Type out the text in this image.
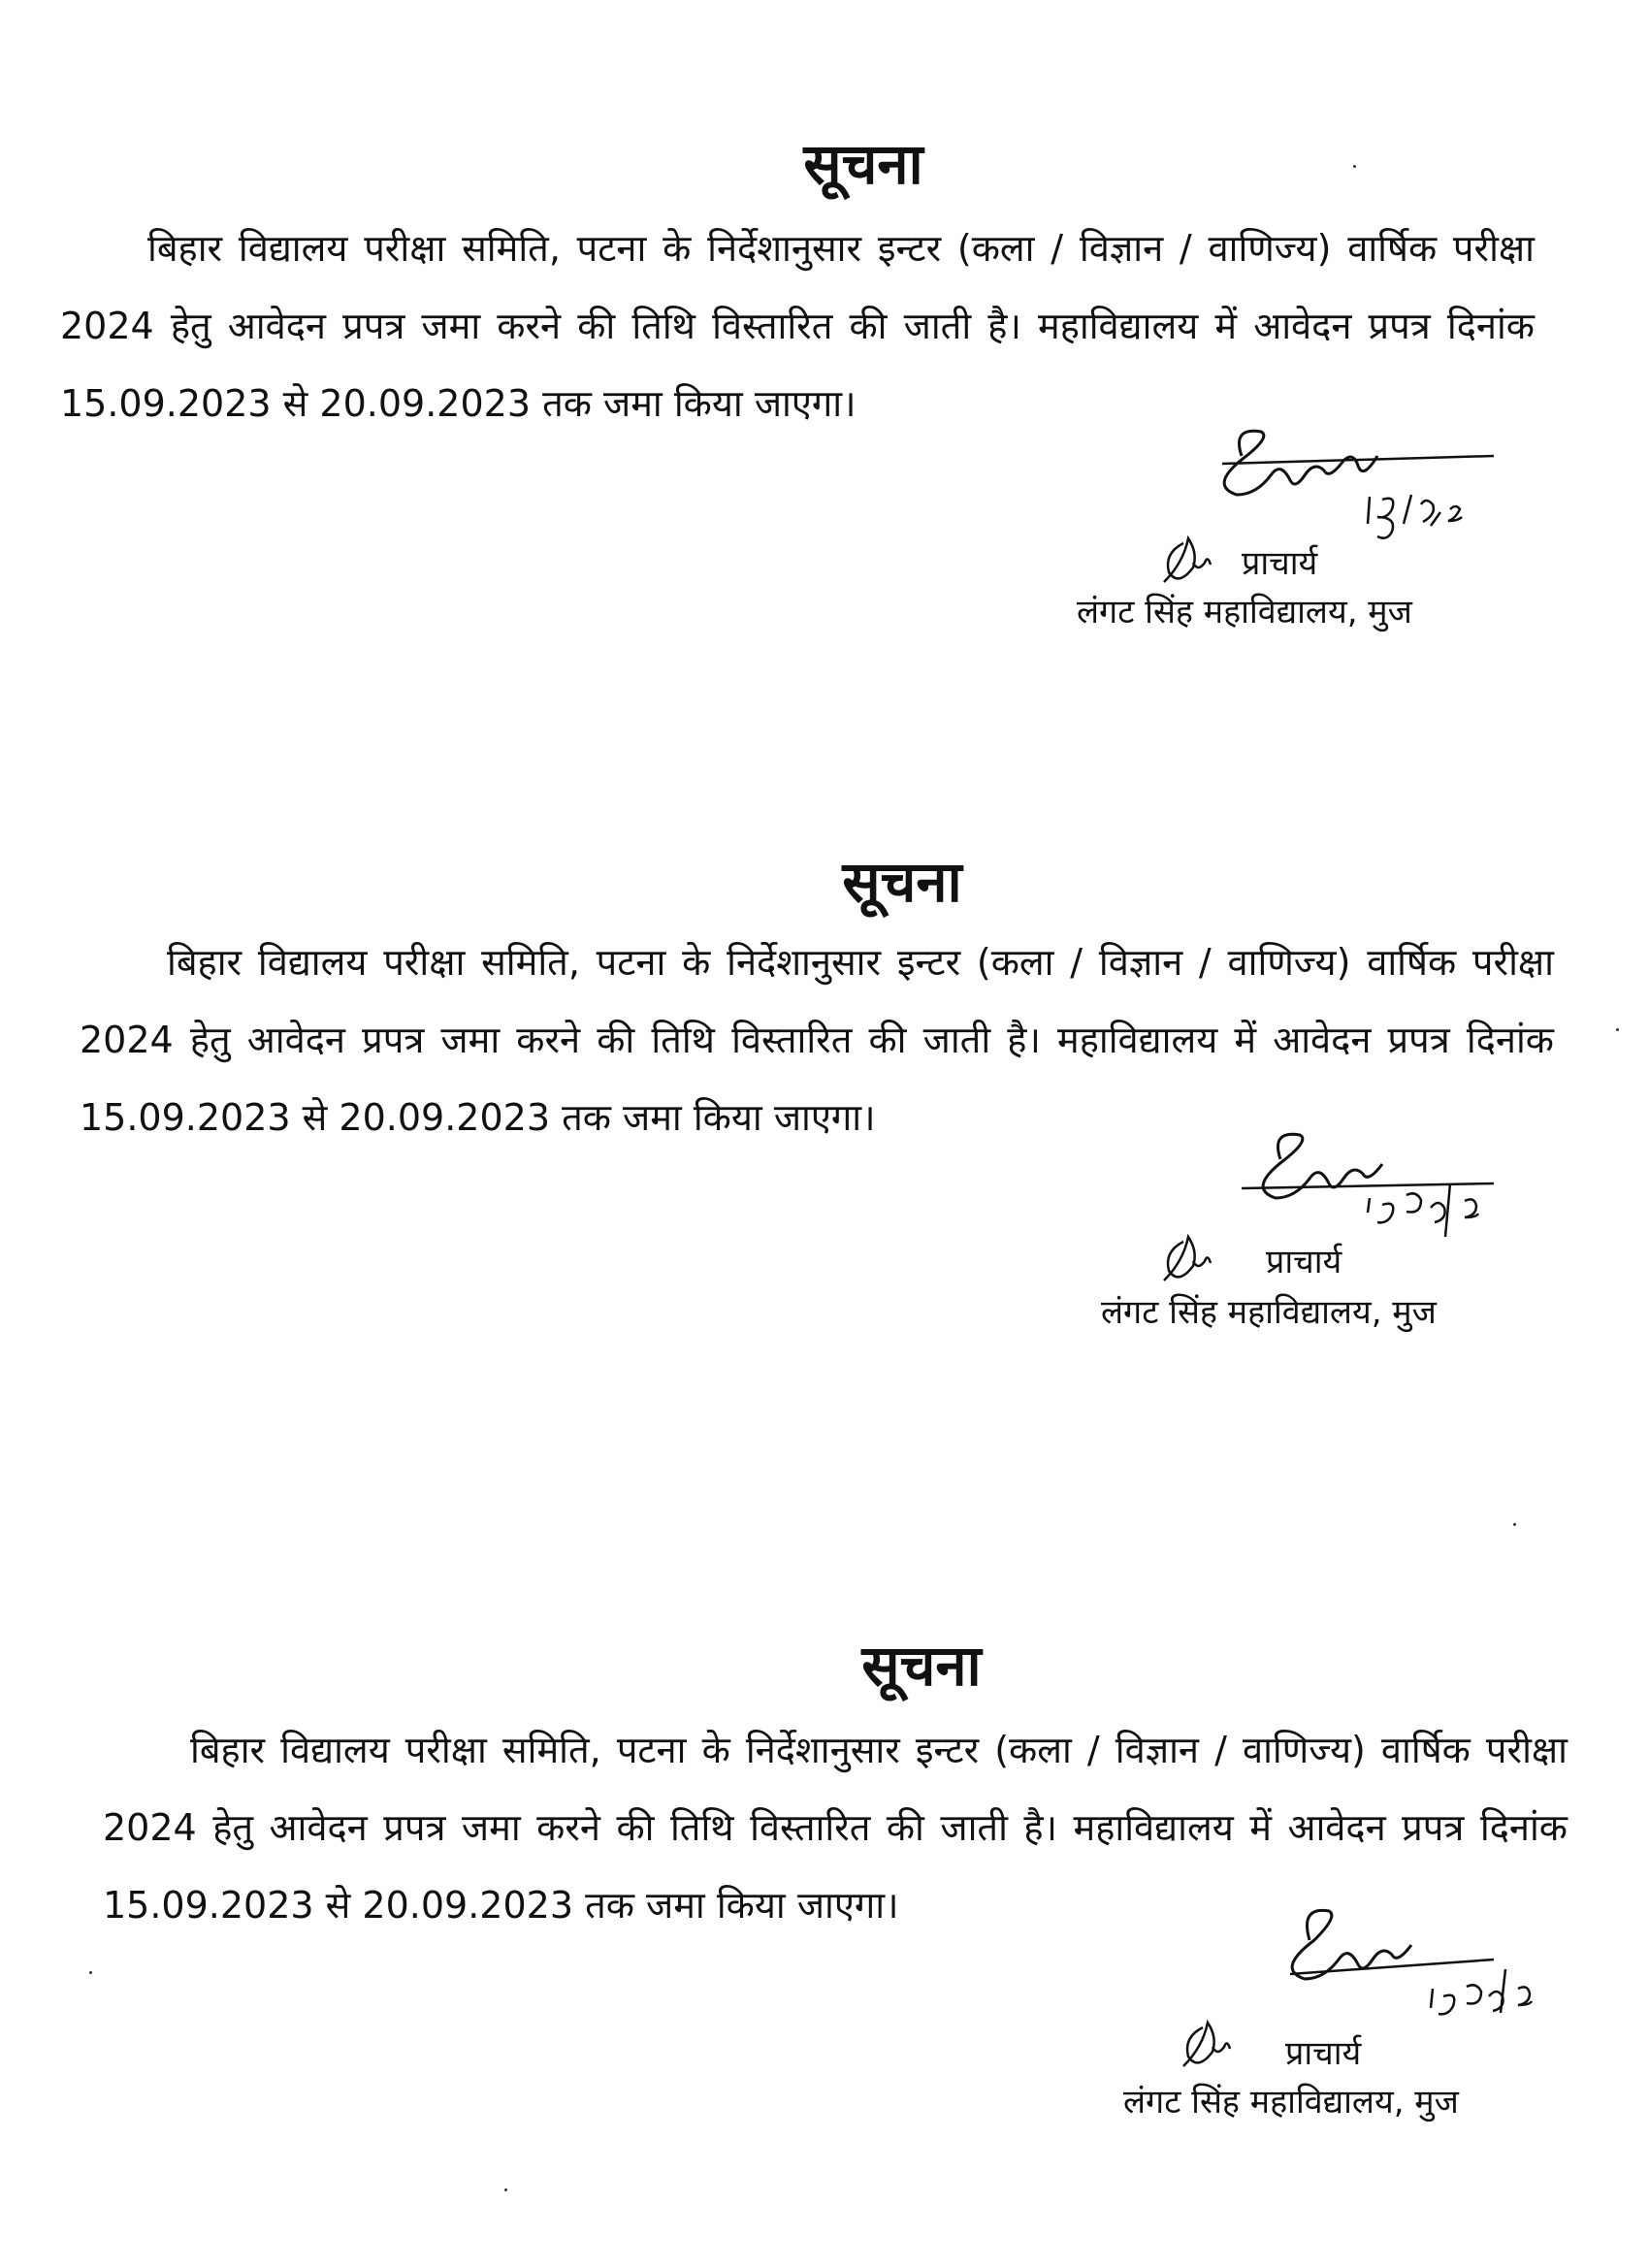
सूचना

बिहार विद्यालय परीक्षा समिति, पटना के निर्देशानुसार इन्टर (कला / विज्ञान / वाणिज्य) वार्षिक परीक्षा 2024 हेतु आवेदन प्रपत्र जमा करने की तिथि विस्तारित की जाती है। महाविद्यालय में आवेदन प्रपत्र दिनांक 15.09.2023 से 20.09.2023 तक जमा किया जाएगा।

प्राचार्य
लंगट सिंह महाविद्यालय, मुज
सूचना

बिहार विद्यालय परीक्षा समिति, पटना के निर्देशानुसार इन्टर (कला / विज्ञान / वाणिज्य) वार्षिक परीक्षा 2024 हेतु आवेदन प्रपत्र जमा करने की तिथि विस्तारित की जाती है। महाविद्यालय में आवेदन प्रपत्र दिनांक 15.09.2023 से 20.09.2023 तक जमा किया जाएगा।

प्राचार्य
लंगट सिंह महाविद्यालय, मुज
सूचना

बिहार विद्यालय परीक्षा समिति, पटना के निर्देशानुसार इन्टर (कला / विज्ञान / वाणिज्य) वार्षिक परीक्षा 2024 हेतु आवेदन प्रपत्र जमा करने की तिथि विस्तारित की जाती है। महाविद्यालय में आवेदन प्रपत्र दिनांक 15.09.2023 से 20.09.2023 तक जमा किया जाएगा।

प्राचार्य
लंगट सिंह महाविद्यालय, मुज
